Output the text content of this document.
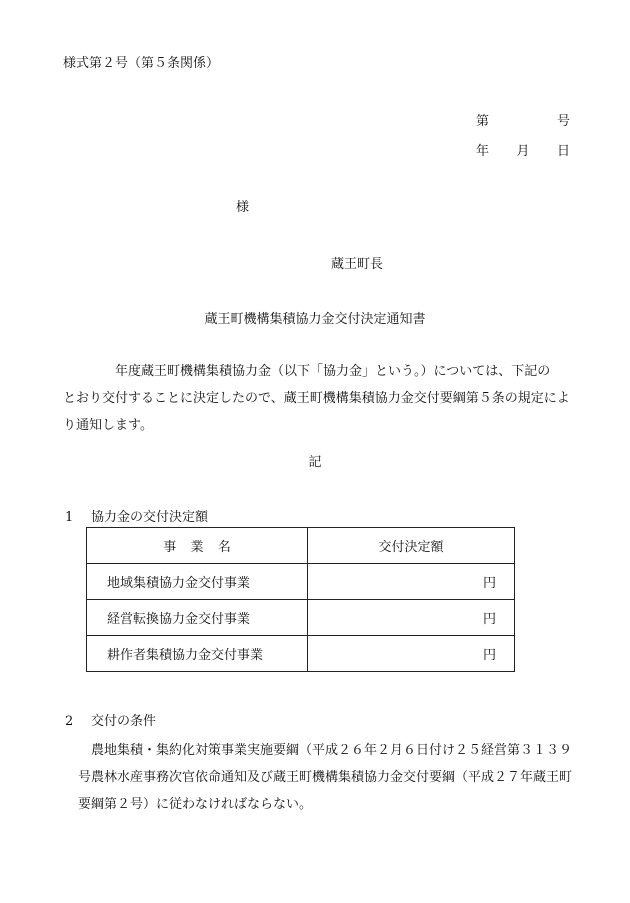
様式第２号（第５条関係）
第	号
年 月 日
様
蔵王町長
蔵王町機構集積協力金交付決定通知書

　　　　年度蔵王町機構集積協力金（以下「協力金」という。）については、下記の

とおり交付することに決定したので、蔵王町機構集積協力金交付要綱第５条の規定によ

り通知します。

記
1 協力金の交付決定額
事業名	交付決定額
地域集積協力金交付事業	円
経営転換協力金交付事業	円
耕作者集積協力金交付事業	円
2 交付の条件

農地集積・集約化対策事業実施要綱（平成２６年２月６日付け２５経営第３１３９

号農林水産事務次官依命通知及び蔵王町機構集積協力金交付要綱（平成２７年蔵王町

要綱第２号）に従わなければならない。
